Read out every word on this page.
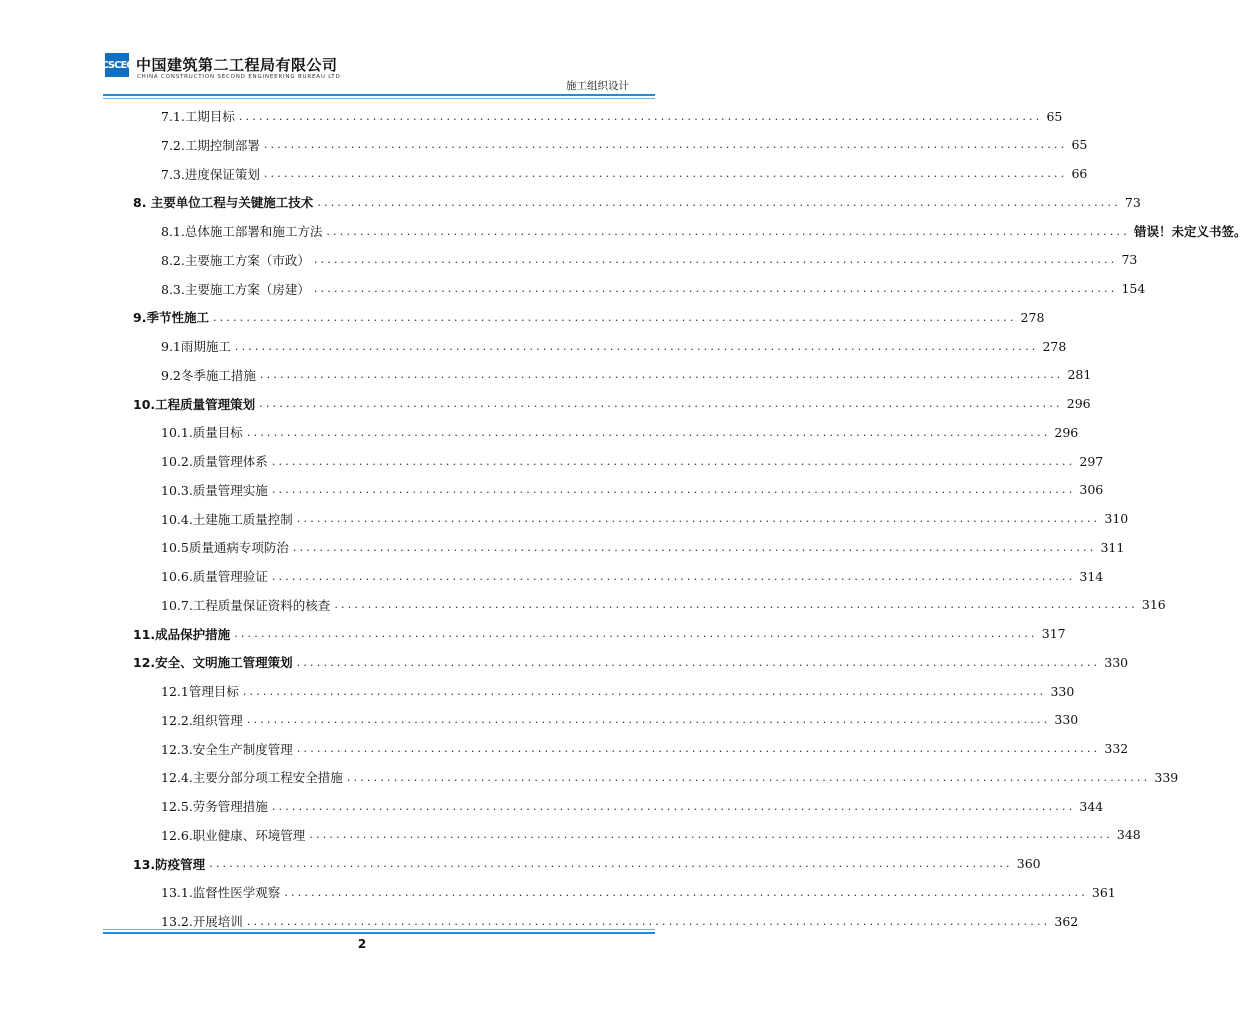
CSCEC 中国建筑第二工程局有限公司
CHINA CONSTRUCTION SECOND ENGINEERING BUREAU LTD
施工组织设计
7.1.工期目标 ........................................................................................................................ 65
7.2.工期控制部署 ........................................................................................................................ 65
7.3.进度保证策划 ........................................................................................................................ 66
8. 主要单位工程与关键施工技术 ........................................................................................................................ 73
8.1.总体施工部署和施工方法 ........................................................................................................................ 错误！未定义书签。
8.2.主要施工方案（市政） ........................................................................................................................ 73
8.3.主要施工方案（房建） ........................................................................................................................ 154
9.季节性施工 ........................................................................................................................ 278
9.1雨期施工 ........................................................................................................................ 278
9.2冬季施工措施 ........................................................................................................................ 281
10.工程质量管理策划 ........................................................................................................................ 296
10.1.质量目标 ........................................................................................................................ 296
10.2.质量管理体系 ........................................................................................................................ 297
10.3.质量管理实施 ........................................................................................................................ 306
10.4.土建施工质量控制 ........................................................................................................................ 310
10.5质量通病专项防治 ........................................................................................................................ 311
10.6.质量管理验证 ........................................................................................................................ 314
10.7.工程质量保证资料的核查 ........................................................................................................................ 316
11.成品保护措施 ........................................................................................................................ 317
12.安全、文明施工管理策划 ........................................................................................................................ 330
12.1管理目标 ........................................................................................................................ 330
12.2.组织管理 ........................................................................................................................ 330
12.3.安全生产制度管理 ........................................................................................................................ 332
12.4.主要分部分项工程安全措施 ........................................................................................................................ 339
12.5.劳务管理措施 ........................................................................................................................ 344
12.6.职业健康、环境管理 ........................................................................................................................ 348
13.防疫管理 ........................................................................................................................ 360
13.1.监督性医学观察 ........................................................................................................................ 361
13.2.开展培训 ........................................................................................................................ 362
2
